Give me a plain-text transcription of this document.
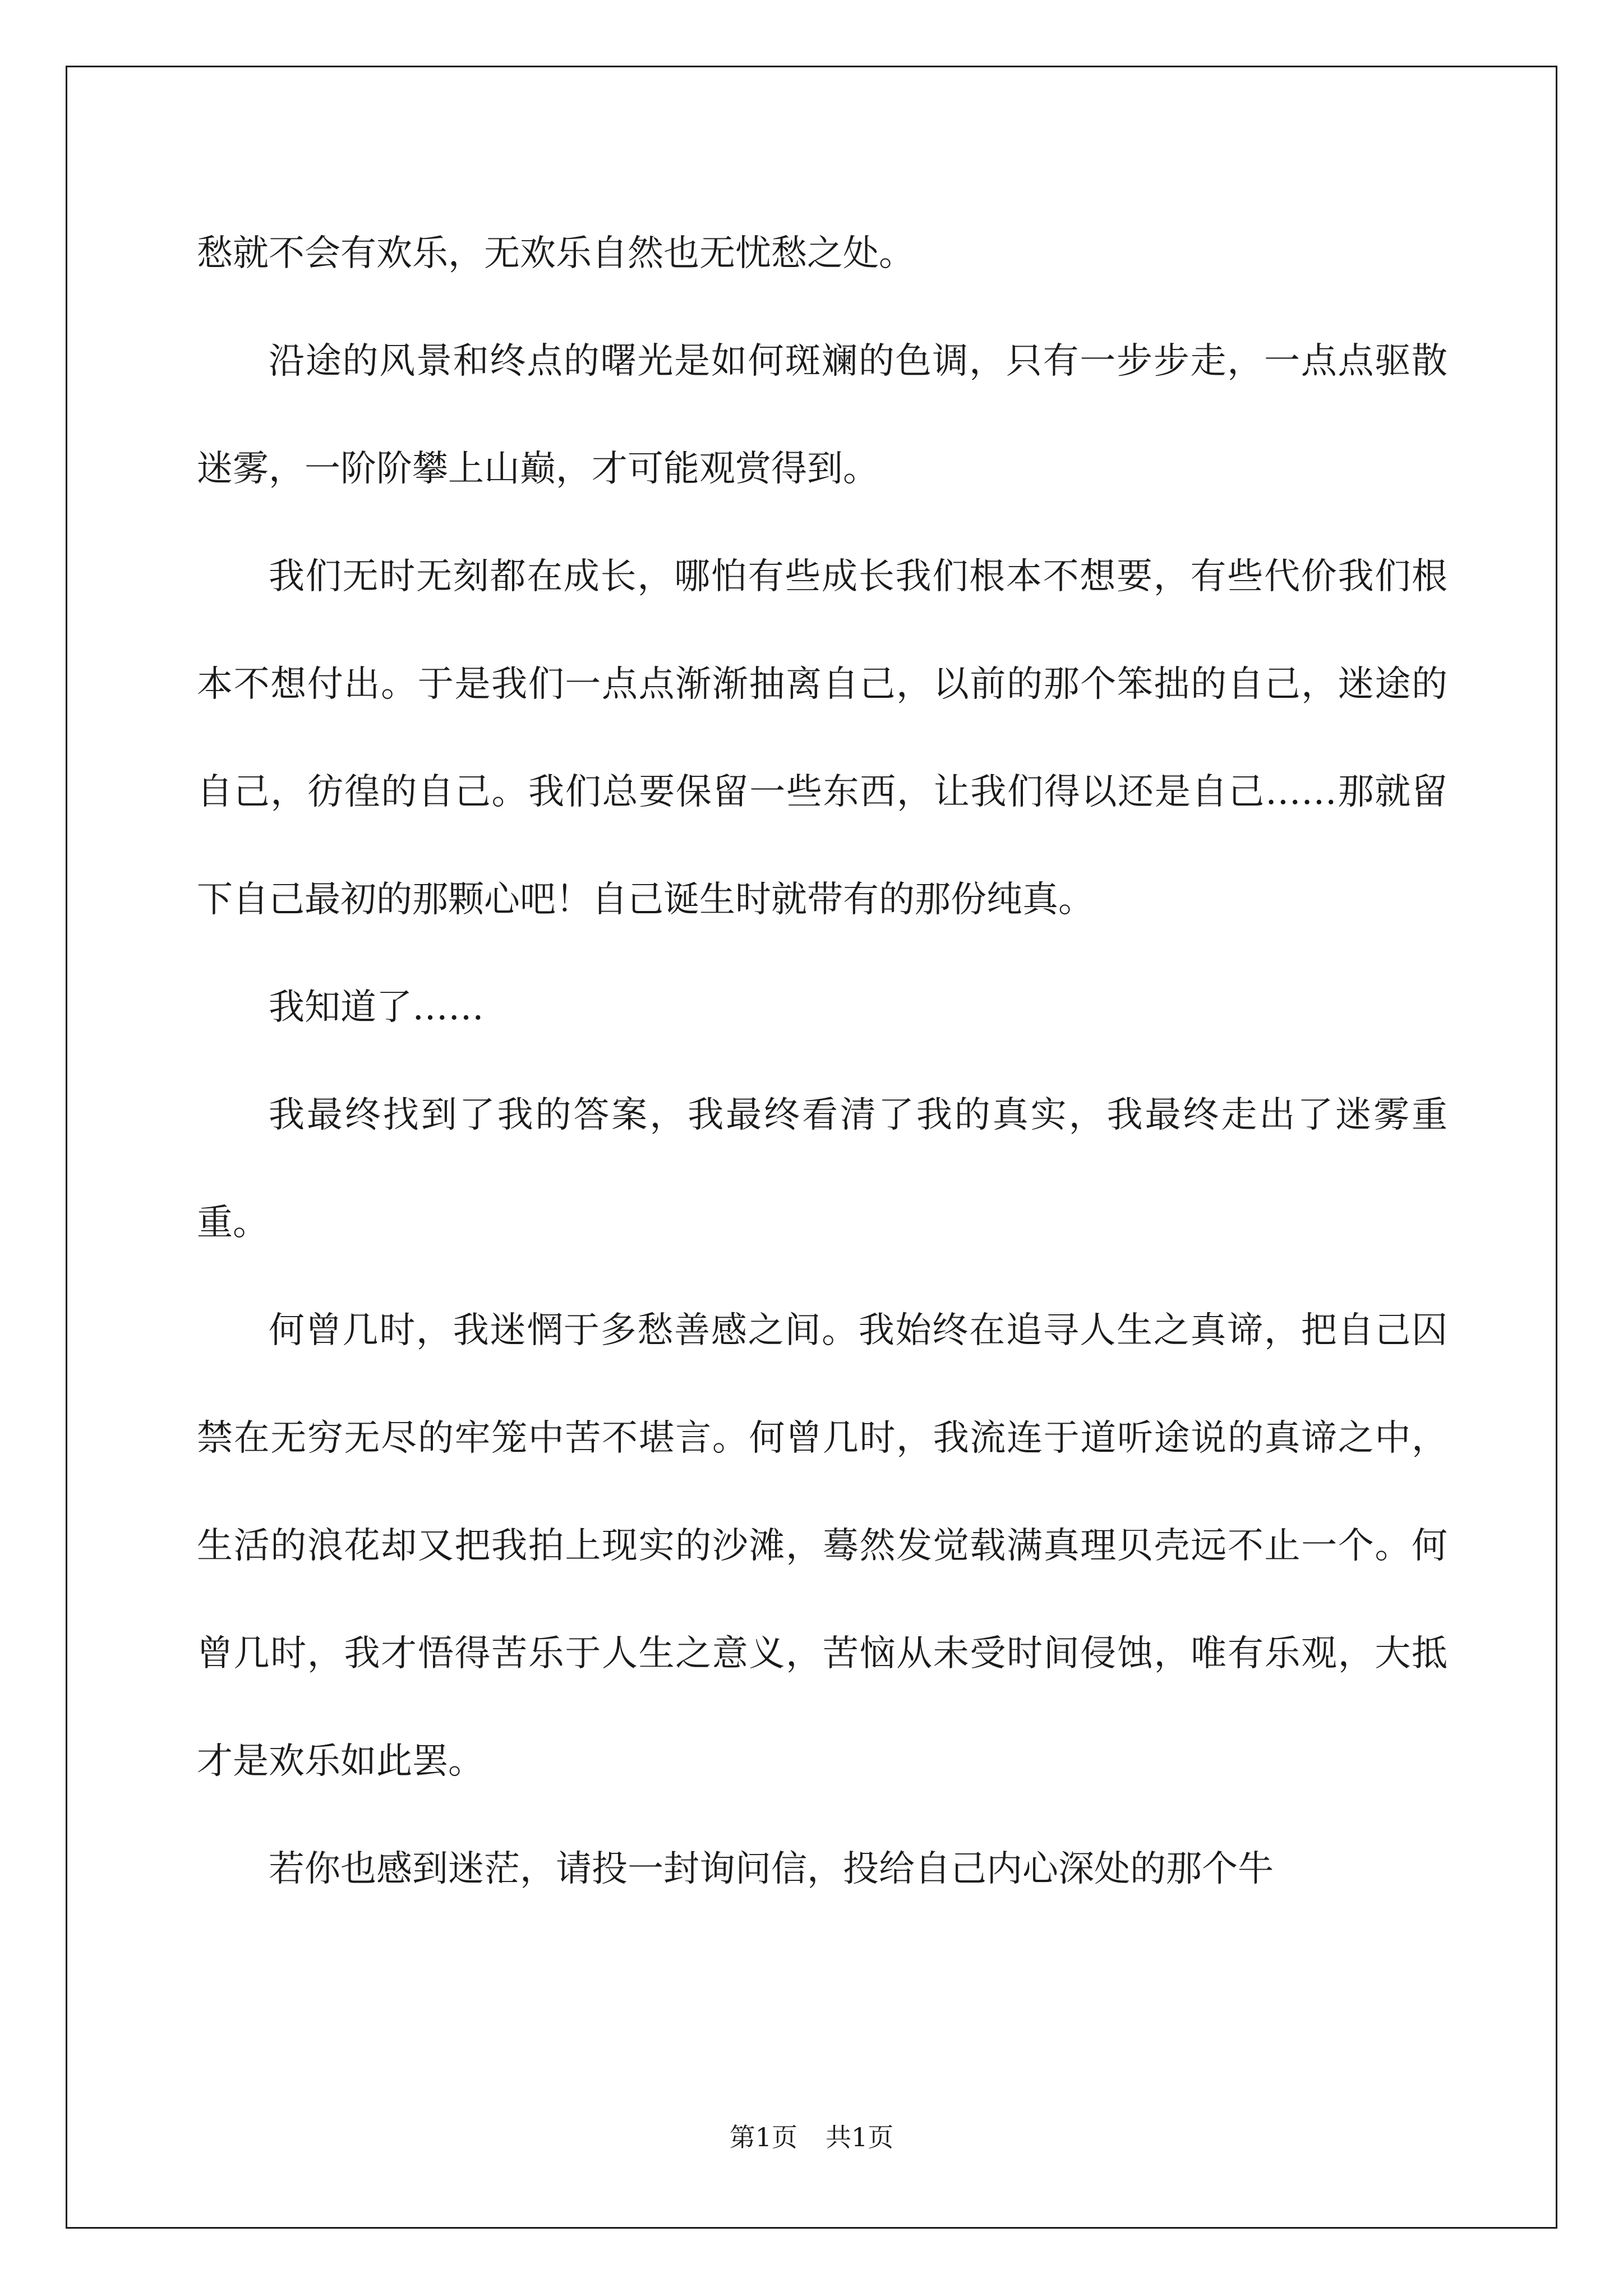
愁就不会有欢乐，无欢乐自然也无忧愁之处。

沿途的风景和终点的曙光是如何斑斓的色调，只有一步步走，一点点驱散迷雾，一阶阶攀上山巅，才可能观赏得到。

我们无时无刻都在成长，哪怕有些成长我们根本不想要，有些代价我们根本不想付出。于是我们一点点渐渐抽离自己，以前的那个笨拙的自己，迷途的自己，彷徨的自己。我们总要保留一些东西，让我们得以还是自己……那就留下自己最初的那颗心吧！自己诞生时就带有的那份纯真。

我知道了……

我最终找到了我的答案，我最终看清了我的真实，我最终走出了迷雾重重。

何曾几时，我迷惘于多愁善感之间。我始终在追寻人生之真谛，把自己囚禁在无穷无尽的牢笼中苦不堪言。何曾几时，我流连于道听途说的真谛之中，生活的浪花却又把我拍上现实的沙滩，蓦然发觉载满真理贝壳远不止一个。何曾几时，我才悟得苦乐于人生之意义，苦恼从未受时间侵蚀，唯有乐观，大抵才是欢乐如此罢。

若你也感到迷茫，请投一封询问信，投给自己内心深处的那个牛

第1页 共1页
